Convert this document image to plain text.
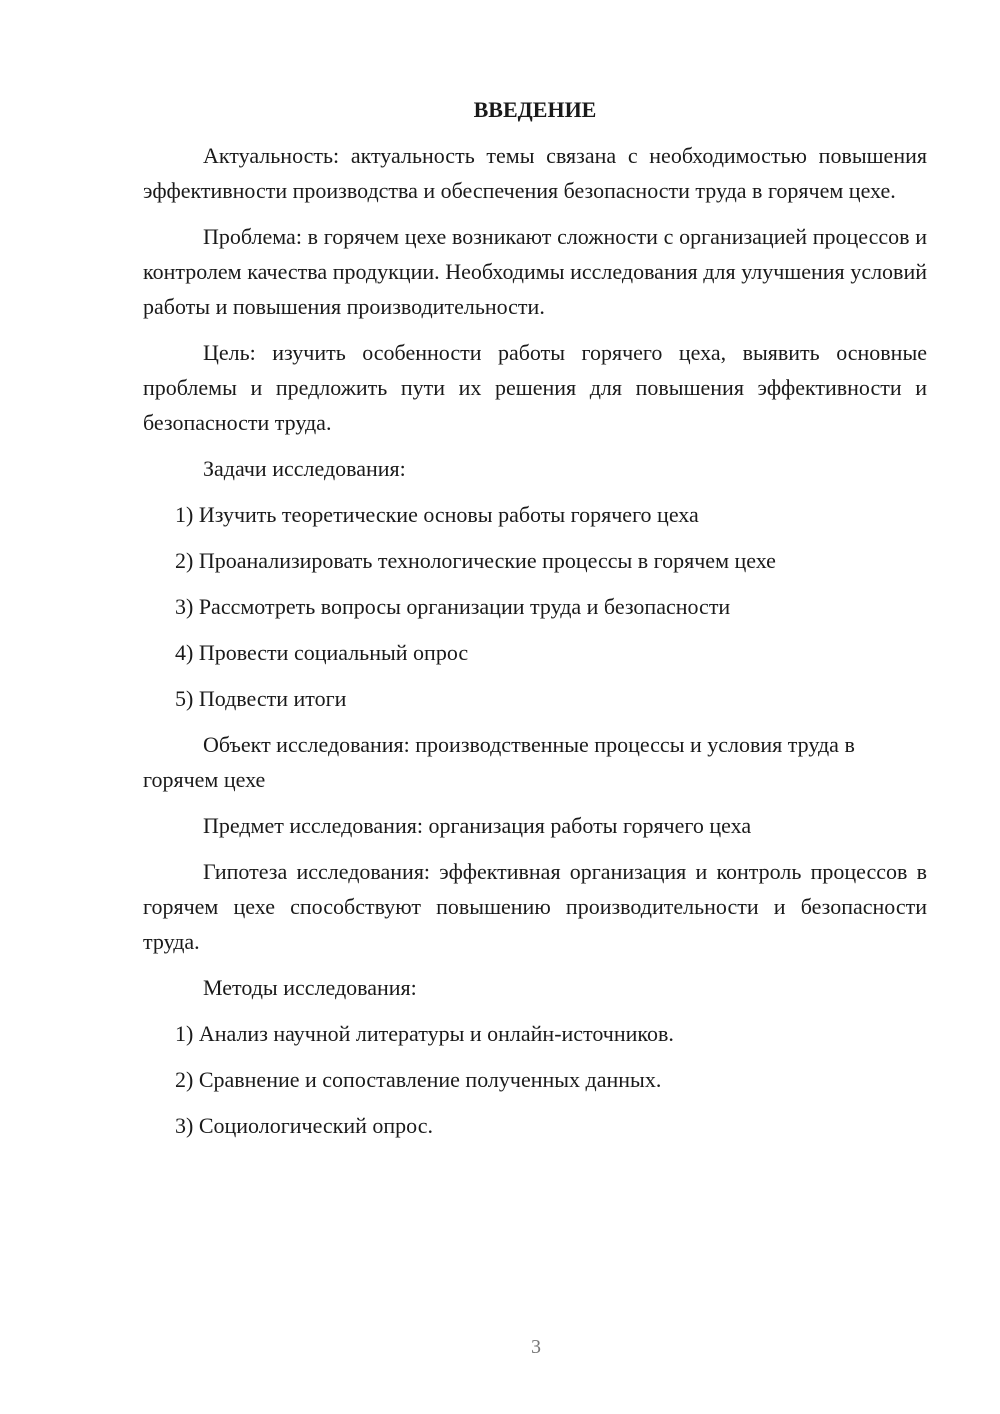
ВВЕДЕНИЕ

Актуальность: актуальность темы связана с необходимостью повышения эффективности производства и обеспечения безопасности труда в горячем цехе.

Проблема: в горячем цехе возникают сложности с организацией процессов и контролем качества продукции. Необходимы исследования для улучшения условий работы и повышения производительности.

Цель: изучить особенности работы горячего цеха, выявить основные проблемы и предложить пути их решения для повышения эффективности и безопасности труда.

Задачи исследования:

1) Изучить теоретические основы работы горячего цеха
2) Проанализировать технологические процессы в горячем цехе
3) Рассмотреть вопросы организации труда и безопасности
4) Провести социальный опрос
5) Подвести итоги

Объект исследования: производственные процессы и условия труда в горячем цехе

Предмет исследования: организация работы горячего цеха

Гипотеза исследования: эффективная организация и контроль процессов в горячем цехе способствуют повышению производительности и безопасности труда.

Методы исследования:

1) Анализ научной литературы и онлайн-источников.
2) Сравнение и сопоставление полученных данных.
3) Социологический опрос.
3
